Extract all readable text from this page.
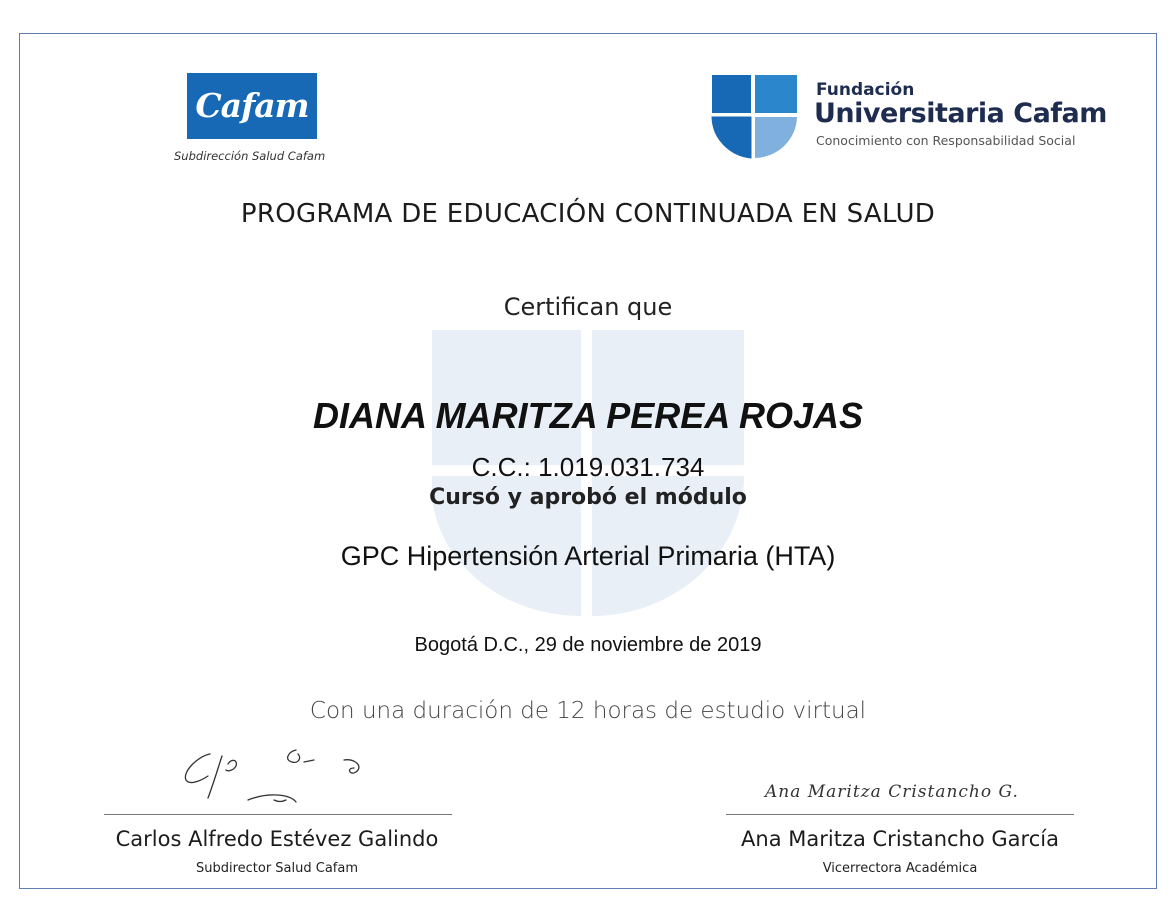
Cafam
Subdirección Salud Cafam
Fundación
Universitaria Cafam
Conocimiento con Responsabilidad Social
PROGRAMA DE EDUCACIÓN CONTINUADA EN SALUD
Certifican que
DIANA MARITZA PEREA ROJAS
C.C.: 1.019.031.734
Cursó y aprobó el módulo
GPC Hipertensión Arterial Primaria (HTA)
Bogotá D.C., 29 de noviembre de 2019
Con una duración de 12 horas de estudio virtual
Carlos Alfredo Estévez Galindo
Subdirector Salud Cafam
Ana Maritza Cristancho G.
Ana Maritza Cristancho García
Vicerrectora Académica
